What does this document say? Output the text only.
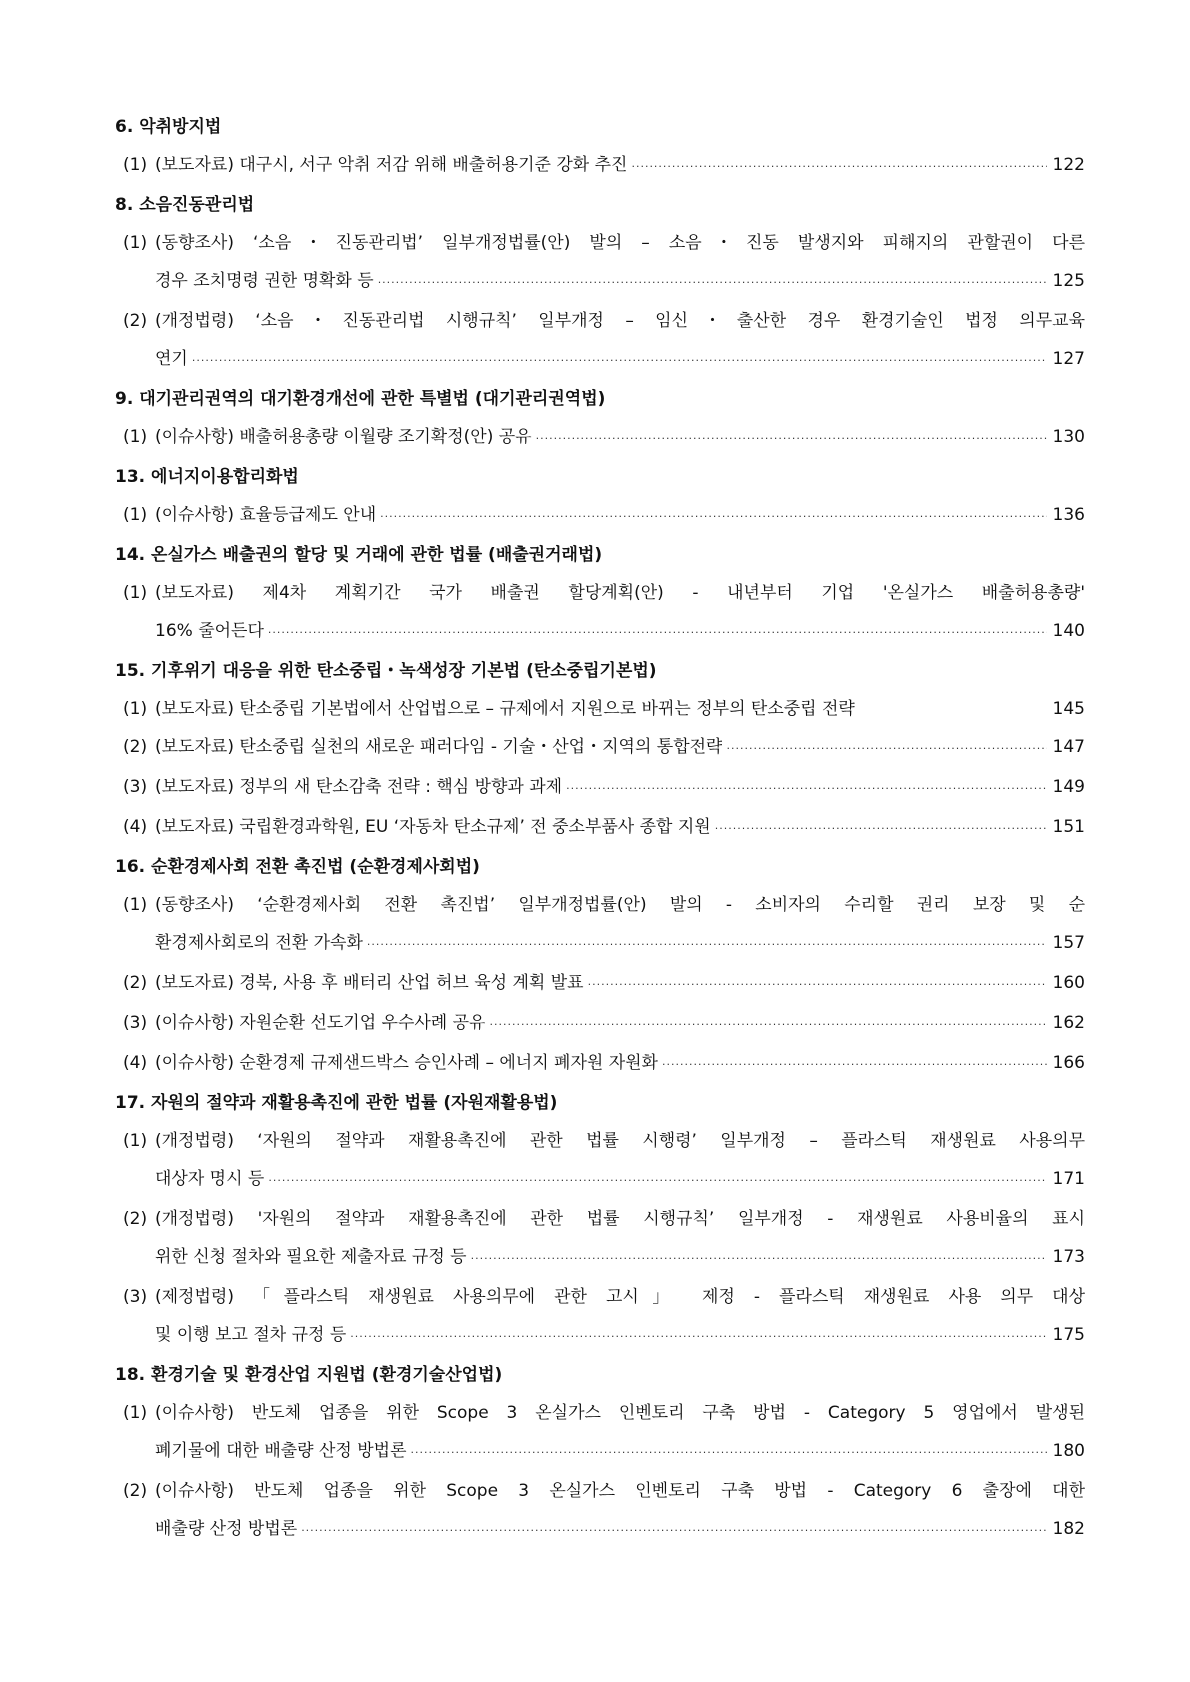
6. 악취방지법
(1) (보도자료) 대구시, 서구 악취 저감 위해 배출허용기준 강화 추진 ·····	122
8. 소음진동관리법
(1) (동향조사) ‘소음・진동관리법’ 일부개정법률(안) 발의 – 소음・진동 발생지와 피해지의 관할권이 다른
경우 조치명령 권한 명확화 등 ·····	125
(2) (개정법령) ‘소음・진동관리법 시행규칙’ 일부개정 – 임신・출산한 경우 환경기술인 법정 의무교육
연기 ·····	127
9. 대기관리권역의 대기환경개선에 관한 특별법 (대기관리권역법)
(1) (이슈사항) 배출허용총량 이월량 조기확정(안) 공유 ·····	130
13. 에너지이용합리화법
(1) (이슈사항) 효율등급제도 안내 ·····	136
14. 온실가스 배출권의 할당 및 거래에 관한 법률 (배출권거래법)
(1) (보도자료) 제4차 계획기간 국가 배출권 할당계획(안) - 내년부터 기업 '온실가스 배출허용총량'
16% 줄어든다 ·····	140
15. 기후위기 대응을 위한 탄소중립・녹색성장 기본법 (탄소중립기본법)
(1) (보도자료) 탄소중립 기본법에서 산업법으로 – 규제에서 지원으로 바뀌는 정부의 탄소중립 전략	145
(2) (보도자료) 탄소중립 실천의 새로운 패러다임 - 기술・산업・지역의 통합전략 ·····	147
(3) (보도자료) 정부의 새 탄소감축 전략 : 핵심 방향과 과제 ·····	149
(4) (보도자료) 국립환경과학원, EU ‘자동차 탄소규제’ 전 중소부품사 종합 지원 ·····	151
16. 순환경제사회 전환 촉진법 (순환경제사회법)
(1) (동향조사) ‘순환경제사회 전환 촉진법’ 일부개정법률(안) 발의 - 소비자의 수리할 권리 보장 및 순
환경제사회로의 전환 가속화 ·····	157
(2) (보도자료) 경북, 사용 후 배터리 산업 허브 육성 계획 발표 ·····	160
(3) (이슈사항) 자원순환 선도기업 우수사례 공유 ·····	162
(4) (이슈사항) 순환경제 규제샌드박스 승인사례 – 에너지 폐자원 자원화 ·····	166
17. 자원의 절약과 재활용촉진에 관한 법률 (자원재활용법)
(1) (개정법령) ‘자원의 절약과 재활용촉진에 관한 법률 시행령’ 일부개정 – 플라스틱 재생원료 사용의무
대상자 명시 등 ·····	171
(2) (개정법령) '자원의 절약과 재활용촉진에 관한 법률 시행규칙’ 일부개정 - 재생원료 사용비율의 표시
위한 신청 절차와 필요한 제출자료 규정 등 ·····	173
(3) (제정법령) 「플라스틱 재생원료 사용의무에 관한 고시」 제정 - 플라스틱 재생원료 사용 의무 대상
및 이행 보고 절차 규정 등 ·····	175
18. 환경기술 및 환경산업 지원법 (환경기술산업법)
(1) (이슈사항) 반도체 업종을 위한 Scope 3 온실가스 인벤토리 구축 방법 - Category 5 영업에서 발생된
폐기물에 대한 배출량 산정 방법론 ·····	180
(2) (이슈사항) 반도체 업종을 위한 Scope 3 온실가스 인벤토리 구축 방법 - Category 6 출장에 대한
배출량 산정 방법론 ·····	182
